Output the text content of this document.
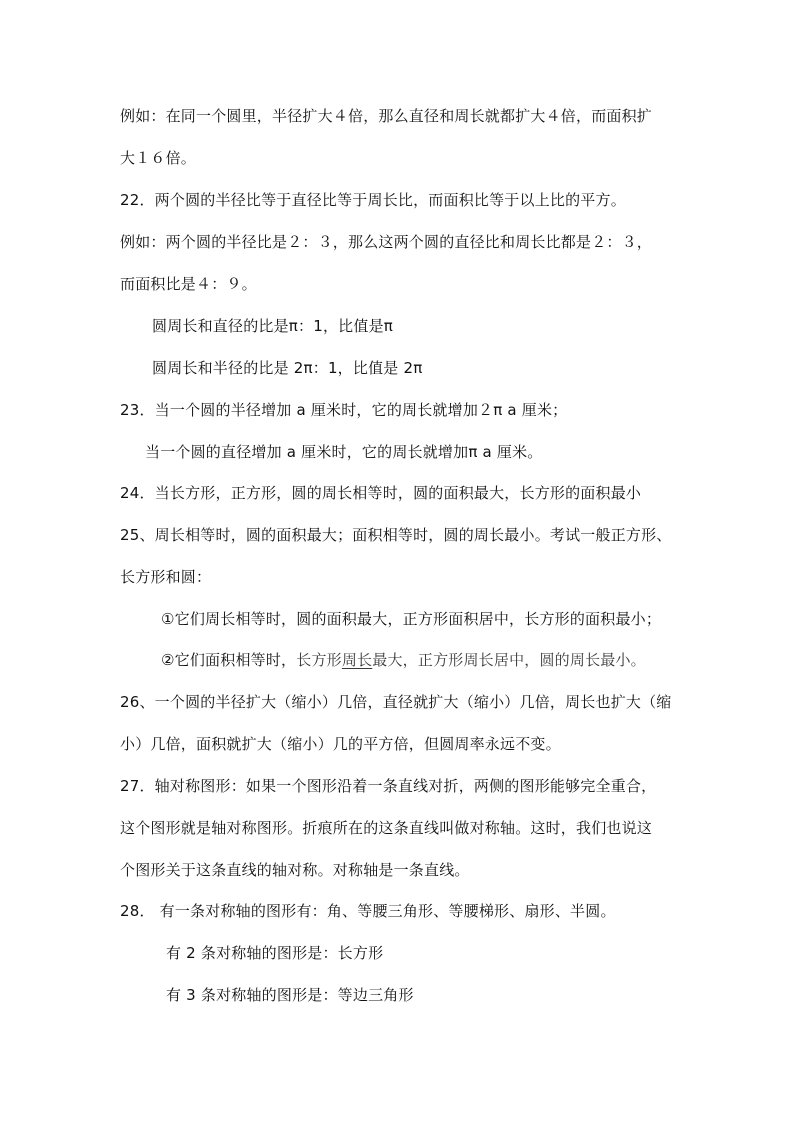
例如：在同一个圆里，半径扩大４倍，那么直径和周长就都扩大４倍，而面积扩
大１６倍。
22．两个圆的半径比等于直径比等于周长比，而面积比等于以上比的平方。
例如：两个圆的半径比是２：３，那么这两个圆的直径比和周长比都是２：３，
而面积比是４：９。
圆周长和直径的比是π：1，比值是π
圆周长和半径的比是 2π：1，比值是 2π
23．当一个圆的半径增加 a 厘米时，它的周长就增加２π a 厘米；
当一个圆的直径增加 a 厘米时，它的周长就增加π a 厘米。
24．当长方形，正方形，圆的周长相等时，圆的面积最大，长方形的面积最小
25、周长相等时，圆的面积最大；面积相等时，圆的周长最小。考试一般正方形、
长方形和圆：
①它们周长相等时，圆的面积最大，正方形面积居中，长方形的面积最小；
②它们面积相等时，长方形周长最大，正方形周长居中，圆的周长最小。
26、一个圆的半径扩大（缩小）几倍，直径就扩大（缩小）几倍，周长也扩大（缩
小）几倍，面积就扩大（缩小）几的平方倍，但圆周率永远不变。
27．轴对称图形：如果一个图形沿着一条直线对折，两侧的图形能够完全重合，
这个图形就是轴对称图形。折痕所在的这条直线叫做对称轴。这时，我们也说这
个图形关于这条直线的轴对称。对称轴是一条直线。
28． 有一条对称轴的图形有：角、等腰三角形、等腰梯形、扇形、半圆。
有 2 条对称轴的图形是：长方形
有 3 条对称轴的图形是：等边三角形
